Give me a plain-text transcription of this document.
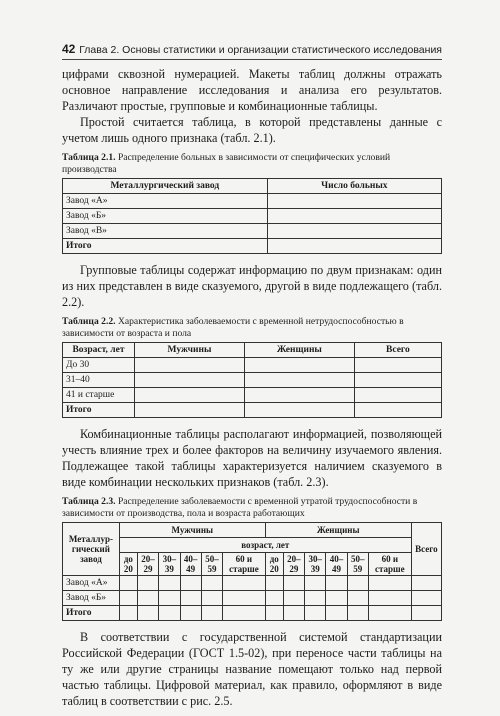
42 Глава 2. Основы статистики и организации статистического исследования

цифрами сквозной нумерацией. Макеты таблиц должны отражать основное направление исследования и анализа его результатов. Различают простые, групповые и комбинационные таблицы.

Простой считается таблица, в которой представлены данные с учетом лишь одного признака (табл. 2.1).

Таблица 2.1. Распределение больных в зависимости от специфических условий производства
Металлургический завод	Число больных
Завод «А»	
Завод «Б»	
Завод «В»	
Итого	

Групповые таблицы содержат информацию по двум признакам: один из них представлен в виде сказуемого, другой в виде подлежащего (табл. 2.2).

Таблица 2.2. Характеристика заболеваемости с временной нетрудоспособностью в зависимости от возраста и пола
Возраст, лет	Мужчины	Женщины	Всего
До 30			
31–40			
41 и старше			
Итого			

Комбинационные таблицы располагают информацией, позволяющей учесть влияние трех и более факторов на величину изучаемого явления. Подлежащее такой таблицы характеризуется наличием сказуемого в виде комбинации нескольких признаков (табл. 2.3).

Таблица 2.3. Распределение заболеваемости с временной утратой трудоспособности в зависимости от производства, пола и возраста работающих
Металлур-гический завод	Мужчины						Женщины						Всего
	возраст, лет												
	до 20	20–29	30–39	40–49	50–59	60 и старше	до 20	20–29	30–39	40–49	50–59	60 и старше	
Завод «А»													
Завод «Б»													
Итого													

В соответствии с государственной системой стандартизации Российской Федерации (ГОСТ 1.5-02), при переносе части таблицы на ту же или другие страницы название помещают только над первой частью таблицы. Цифровой материал, как правило, оформляют в виде таблиц в соответствии с рис. 2.5.
